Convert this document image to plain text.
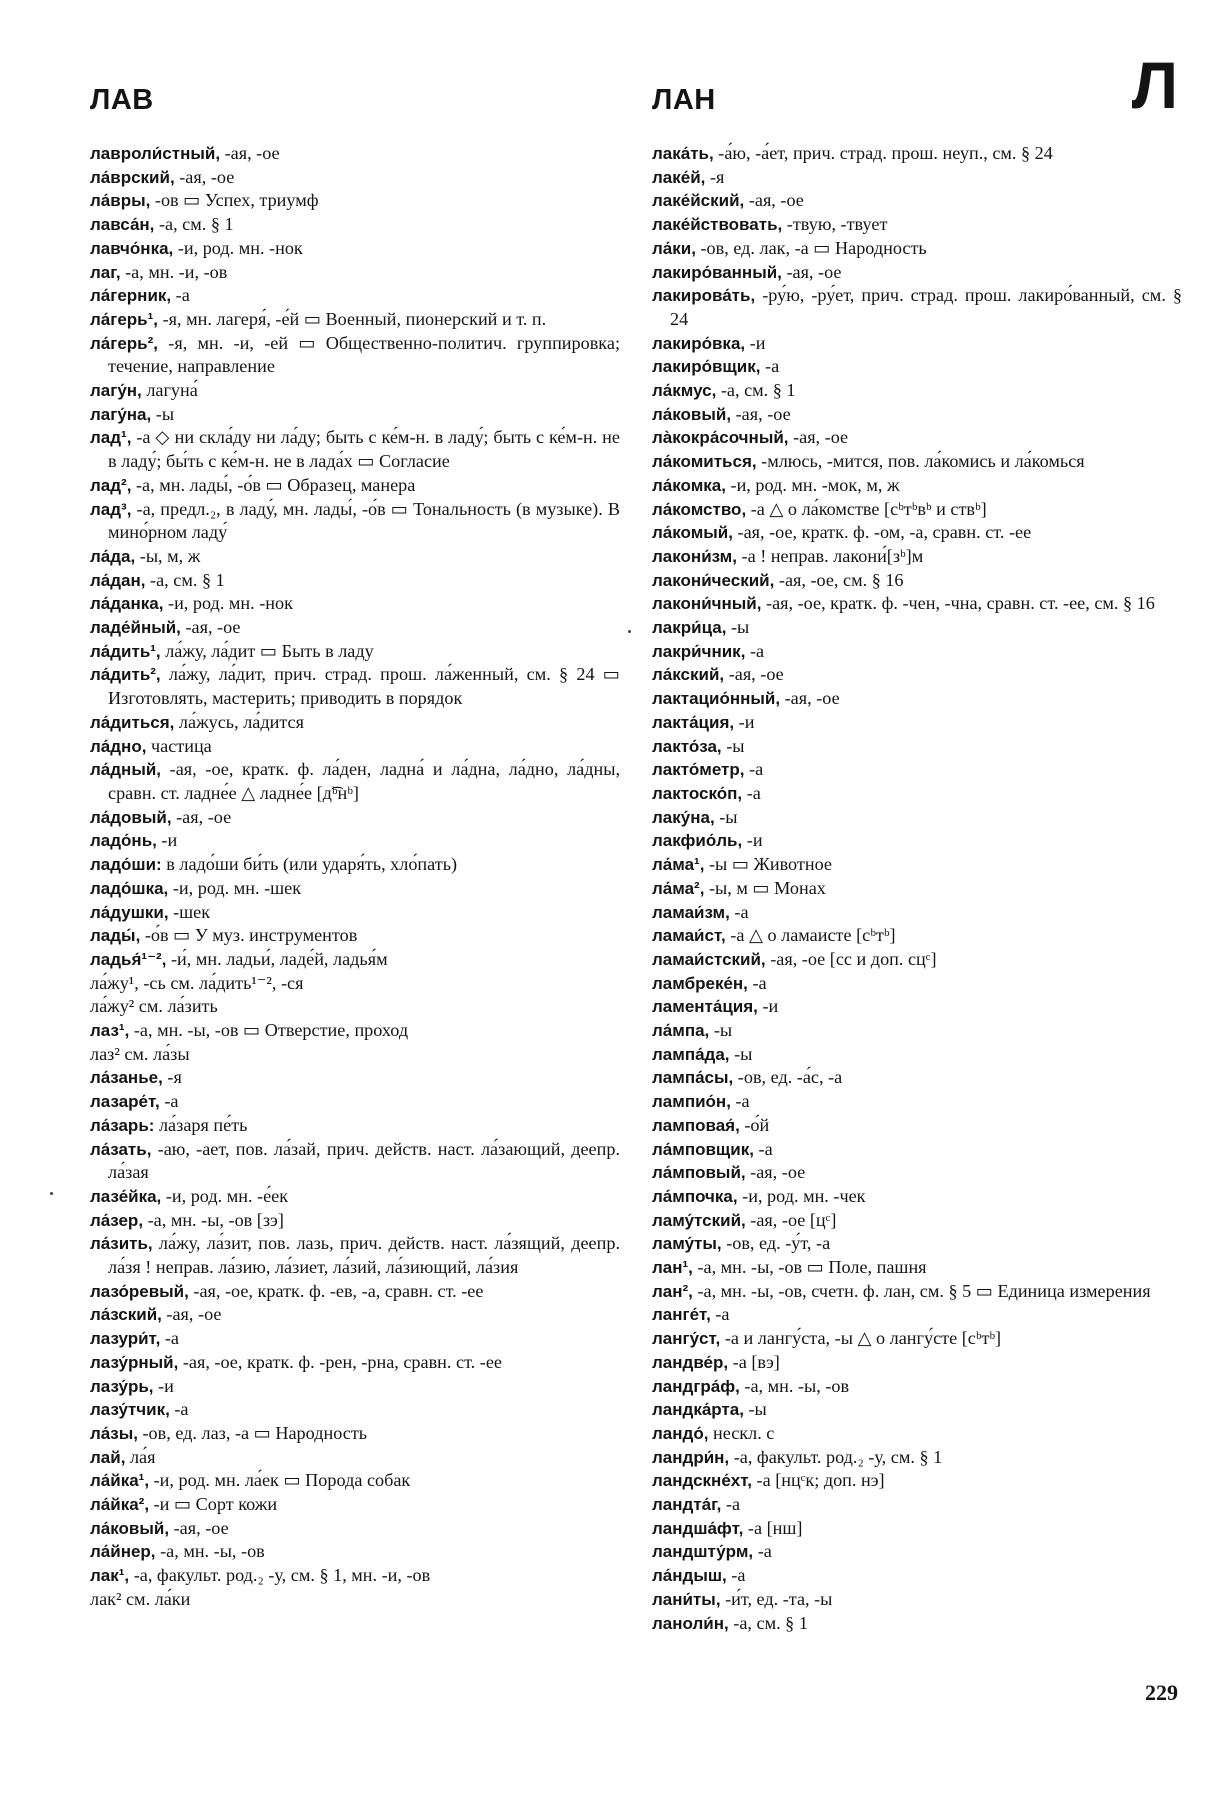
ЛАВ	ЛАН	Л

лавроли́стный, -ая, -ое

ла́врский, -ая, -ое

ла́вры, -ов ▭ Успех, триумф

лавса́н, -а, см. § 1

лавчо́нка, -и, род. мн. -нок

лаг, -а, мн. -и, -ов

ла́герник, -а

ла́герь¹, -я, мн. лагеря́, -е́й ▭ Военный, пионерский и т. п.

ла́герь², -я, мн. -и, -ей ▭ Общественно-политич. группировка; течение, направление

лагу́н, лагуна́

лагу́на, -ы

лад¹, -а ◇ ни скла́ду ни ла́ду; быть с ке́м-н. в ладу́; быть с ке́м-н. не в ладу́; бы́ть с ке́м-н. не в лада́х ▭ Согласие

лад², -а, мн. лады́, -о́в ▭ Образец, манера

лад³, -а, предл.₂, в ладу́, мн. лады́, -о́в ▭ Тональность (в музыке). В мино́рном ладу́

ла́да, -ы, м, ж

ла́дан, -а, см. § 1

ла́данка, -и, род. мн. -нок

ладе́йный, -ая, -ое

ла́дить¹, ла́жу, ла́дит ▭ Быть в ладу

ла́дить², ла́жу, ла́дит, прич. страд. прош. ла́женный, см. § 24 ▭ Изготовлять, мастерить; приводить в порядок

ла́диться, ла́жусь, ла́дится

ла́дно, частица

ла́дный, -ая, -ое, кратк. ф. ла́ден, ладна́ и ла́дна, ла́дно, ла́дны, сравн. ст. ладне́е △ ладне́е [д͡ᵇнᵇ]

ла́довый, -ая, -ое

ладо́нь, -и

ладо́ши: в ладо́ши би́ть (или ударя́ть, хло́пать)

ладо́шка, -и, род. мн. -шек

ла́душки, -шек

лады́, -о́в ▭ У муз. инструментов

ладья́¹⁻², -и́, мн. ладьи́, ладе́й, ладья́м

ла́жу¹, -сь см. ла́дить¹⁻², -ся

ла́жу² см. ла́зить

лаз¹, -а, мн. -ы, -ов ▭ Отверстие, проход

лаз² см. ла́зы

ла́занье, -я

лазаре́т, -а

ла́зарь: ла́заря пе́ть

ла́зать, -аю, -ает, пов. ла́зай, прич. действ. наст. ла́зающий, деепр. ла́зая

лазе́йка, -и, род. мн. -е́ек

ла́зер, -а, мн. -ы, -ов [зэ]

ла́зить, ла́жу, ла́зит, пов. лазь, прич. действ. наст. ла́зящий, деепр. ла́зя ! неправ. ла́зию, ла́зиет, ла́зий, ла́зиющий, ла́зия

лазо́ревый, -ая, -ое, кратк. ф. -ев, -а, сравн. ст. -ее

ла́зский, -ая, -ое

лазури́т, -а

лазу́рный, -ая, -ое, кратк. ф. -рен, -рна, сравн. ст. -ее

лазу́рь, -и

лазу́тчик, -а

ла́зы, -ов, ед. лаз, -а ▭ Народность

лай, ла́я

ла́йка¹, -и, род. мн. ла́ек ▭ Порода собак

ла́йка², -и ▭ Сорт кожи

ла́ковый, -ая, -ое

ла́йнер, -а, мн. -ы, -ов

лак¹, -а, факульт. род.₂ -у, см. § 1, мн. -и, -ов

лак² см. ла́ки

лака́ть, -а́ю, -а́ет, прич. страд. прош. неуп., см. § 24

лаке́й, -я

лаке́йский, -ая, -ое

лаке́йствовать, -твую, -твует

ла́ки, -ов, ед. лак, -а ▭ Народность

лакиро́ванный, -ая, -ое

лакирова́ть, -ру́ю, -ру́ет, прич. страд. прош. лакиро́ванный, см. § 24

лакиро́вка, -и

лакиро́вщик, -а

ла́кмус, -а, см. § 1

ла́ковый, -ая, -ое

ла̀кокра́сочный, -ая, -ое

ла́комиться, -млюсь, -мится, пов. ла́комись и ла́комься

ла́комка, -и, род. мн. -мок, м, ж

ла́комство, -а △ о ла́комстве [сᵇтᵇвᵇ и ствᵇ]

ла́комый, -ая, -ое, кратк. ф. -ом, -а, сравн. ст. -ее

лакони́зм, -а ! неправ. лакони́[зᵇ]м

лакони́ческий, -ая, -ое, см. § 16

лакони́чный, -ая, -ое, кратк. ф. -чен, -чна, сравн. ст. -ее, см. § 16

лакри́ца, -ы

лакри́чник, -а

ла́кский, -ая, -ое

лактацио́нный, -ая, -ое

лакта́ция, -и

лакто́за, -ы

лакто́метр, -а

лактоско́п, -а

лаку́на, -ы

лакфио́ль, -и

ла́ма¹, -ы ▭ Животное

ла́ма², -ы, м ▭ Монах

ламаи́зм, -а

ламаи́ст, -а △ о ламаисте [сᵇтᵇ]

ламаи́стский, -ая, -ое [сс и доп. сцᶜ]

ламбреке́н, -а

ламента́ция, -и

ла́мпа, -ы

лампа́да, -ы

лампа́сы, -ов, ед. -а́с, -а

лампио́н, -а

ламповая́, -о́й

ла́мповщик, -а

ла́мповый, -ая, -ое

ла́мпочка, -и, род. мн. -чек

ламу́тский, -ая, -ое [цᶜ]

ламу́ты, -ов, ед. -у́т, -а

лан¹, -а, мн. -ы, -ов ▭ Поле, пашня

лан², -а, мн. -ы, -ов, счетн. ф. лан, см. § 5 ▭ Единица измерения

ланге́т, -а

лангу́ст, -а и лангу́ста, -ы △ о лангу́сте [сᵇтᵇ]

ландве́р, -а [вэ]

ландгра́ф, -а, мн. -ы, -ов

ландка́рта, -ы

ландо́, нескл. с

ландри́н, -а, факульт. род.₂ -у, см. § 1

ландскне́хт, -а [нцᶜк; доп. нэ]

ландта́г, -а

ландша́фт, -а [нш]

ландшту́рм, -а

ла́ндыш, -а

лани́ты, -и́т, ед. -та, -ы

ланоли́н, -а, см. § 1

229
